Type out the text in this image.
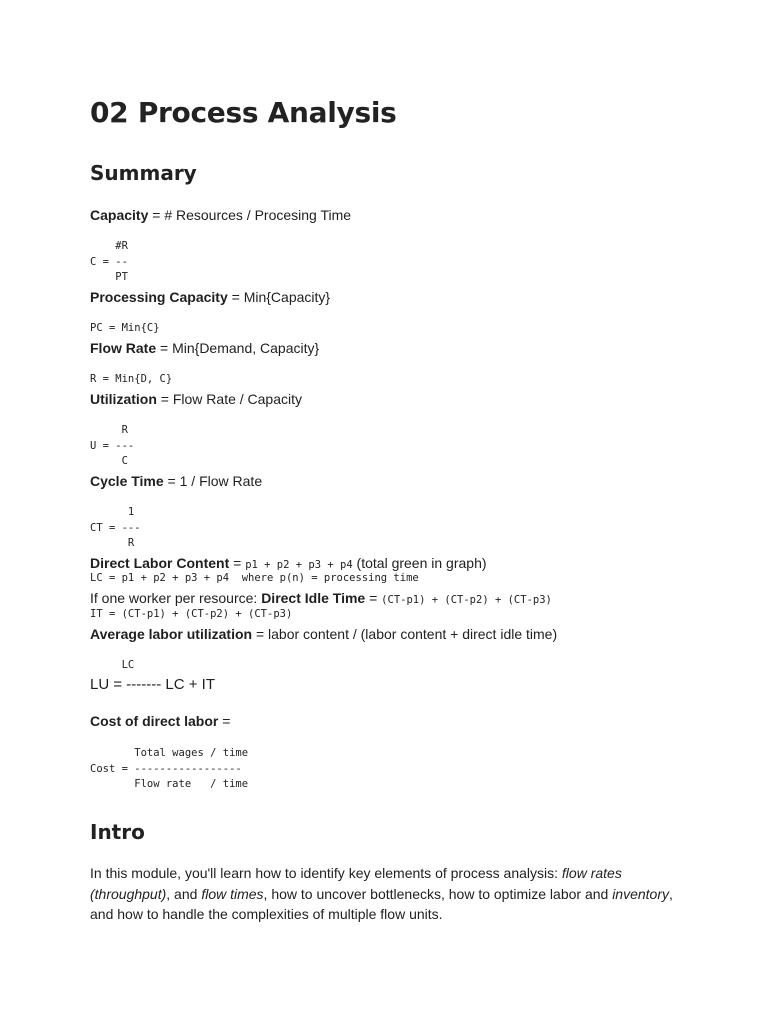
02 Process Analysis
Summary

Capacity = # Resources / Procesing Time

#R
C = --
PT

Processing Capacity = Min{Capacity}

PC = Min{C}

Flow Rate = Min{Demand, Capacity}

R = Min{D, C}

Utilization = Flow Rate / Capacity

R
U = ---
C

Cycle Time = 1 / Flow Rate

1
CT = ---
R

Direct Labor Content = p1 + p2 + p3 + p4 (total green in graph)

LC = p1 + p2 + p3 + p4  where p(n) = processing time

If one worker per resource: Direct Idle Time = (CT-p1) + (CT-p2) + (CT-p3)

IT = (CT-p1) + (CT-p2) + (CT-p3)

Average labor utilization = labor content / (labor content + direct idle time)

LC

LU = ------- LC + IT

Cost of direct labor =

Total wages / time
Cost = -----------------
Flow rate   / time
Intro

In this module, you'll learn how to identify key elements of process analysis: flow rates (throughput), and flow times, how to uncover bottlenecks, how to optimize labor and inventory, and how to handle the complexities of multiple flow units.
